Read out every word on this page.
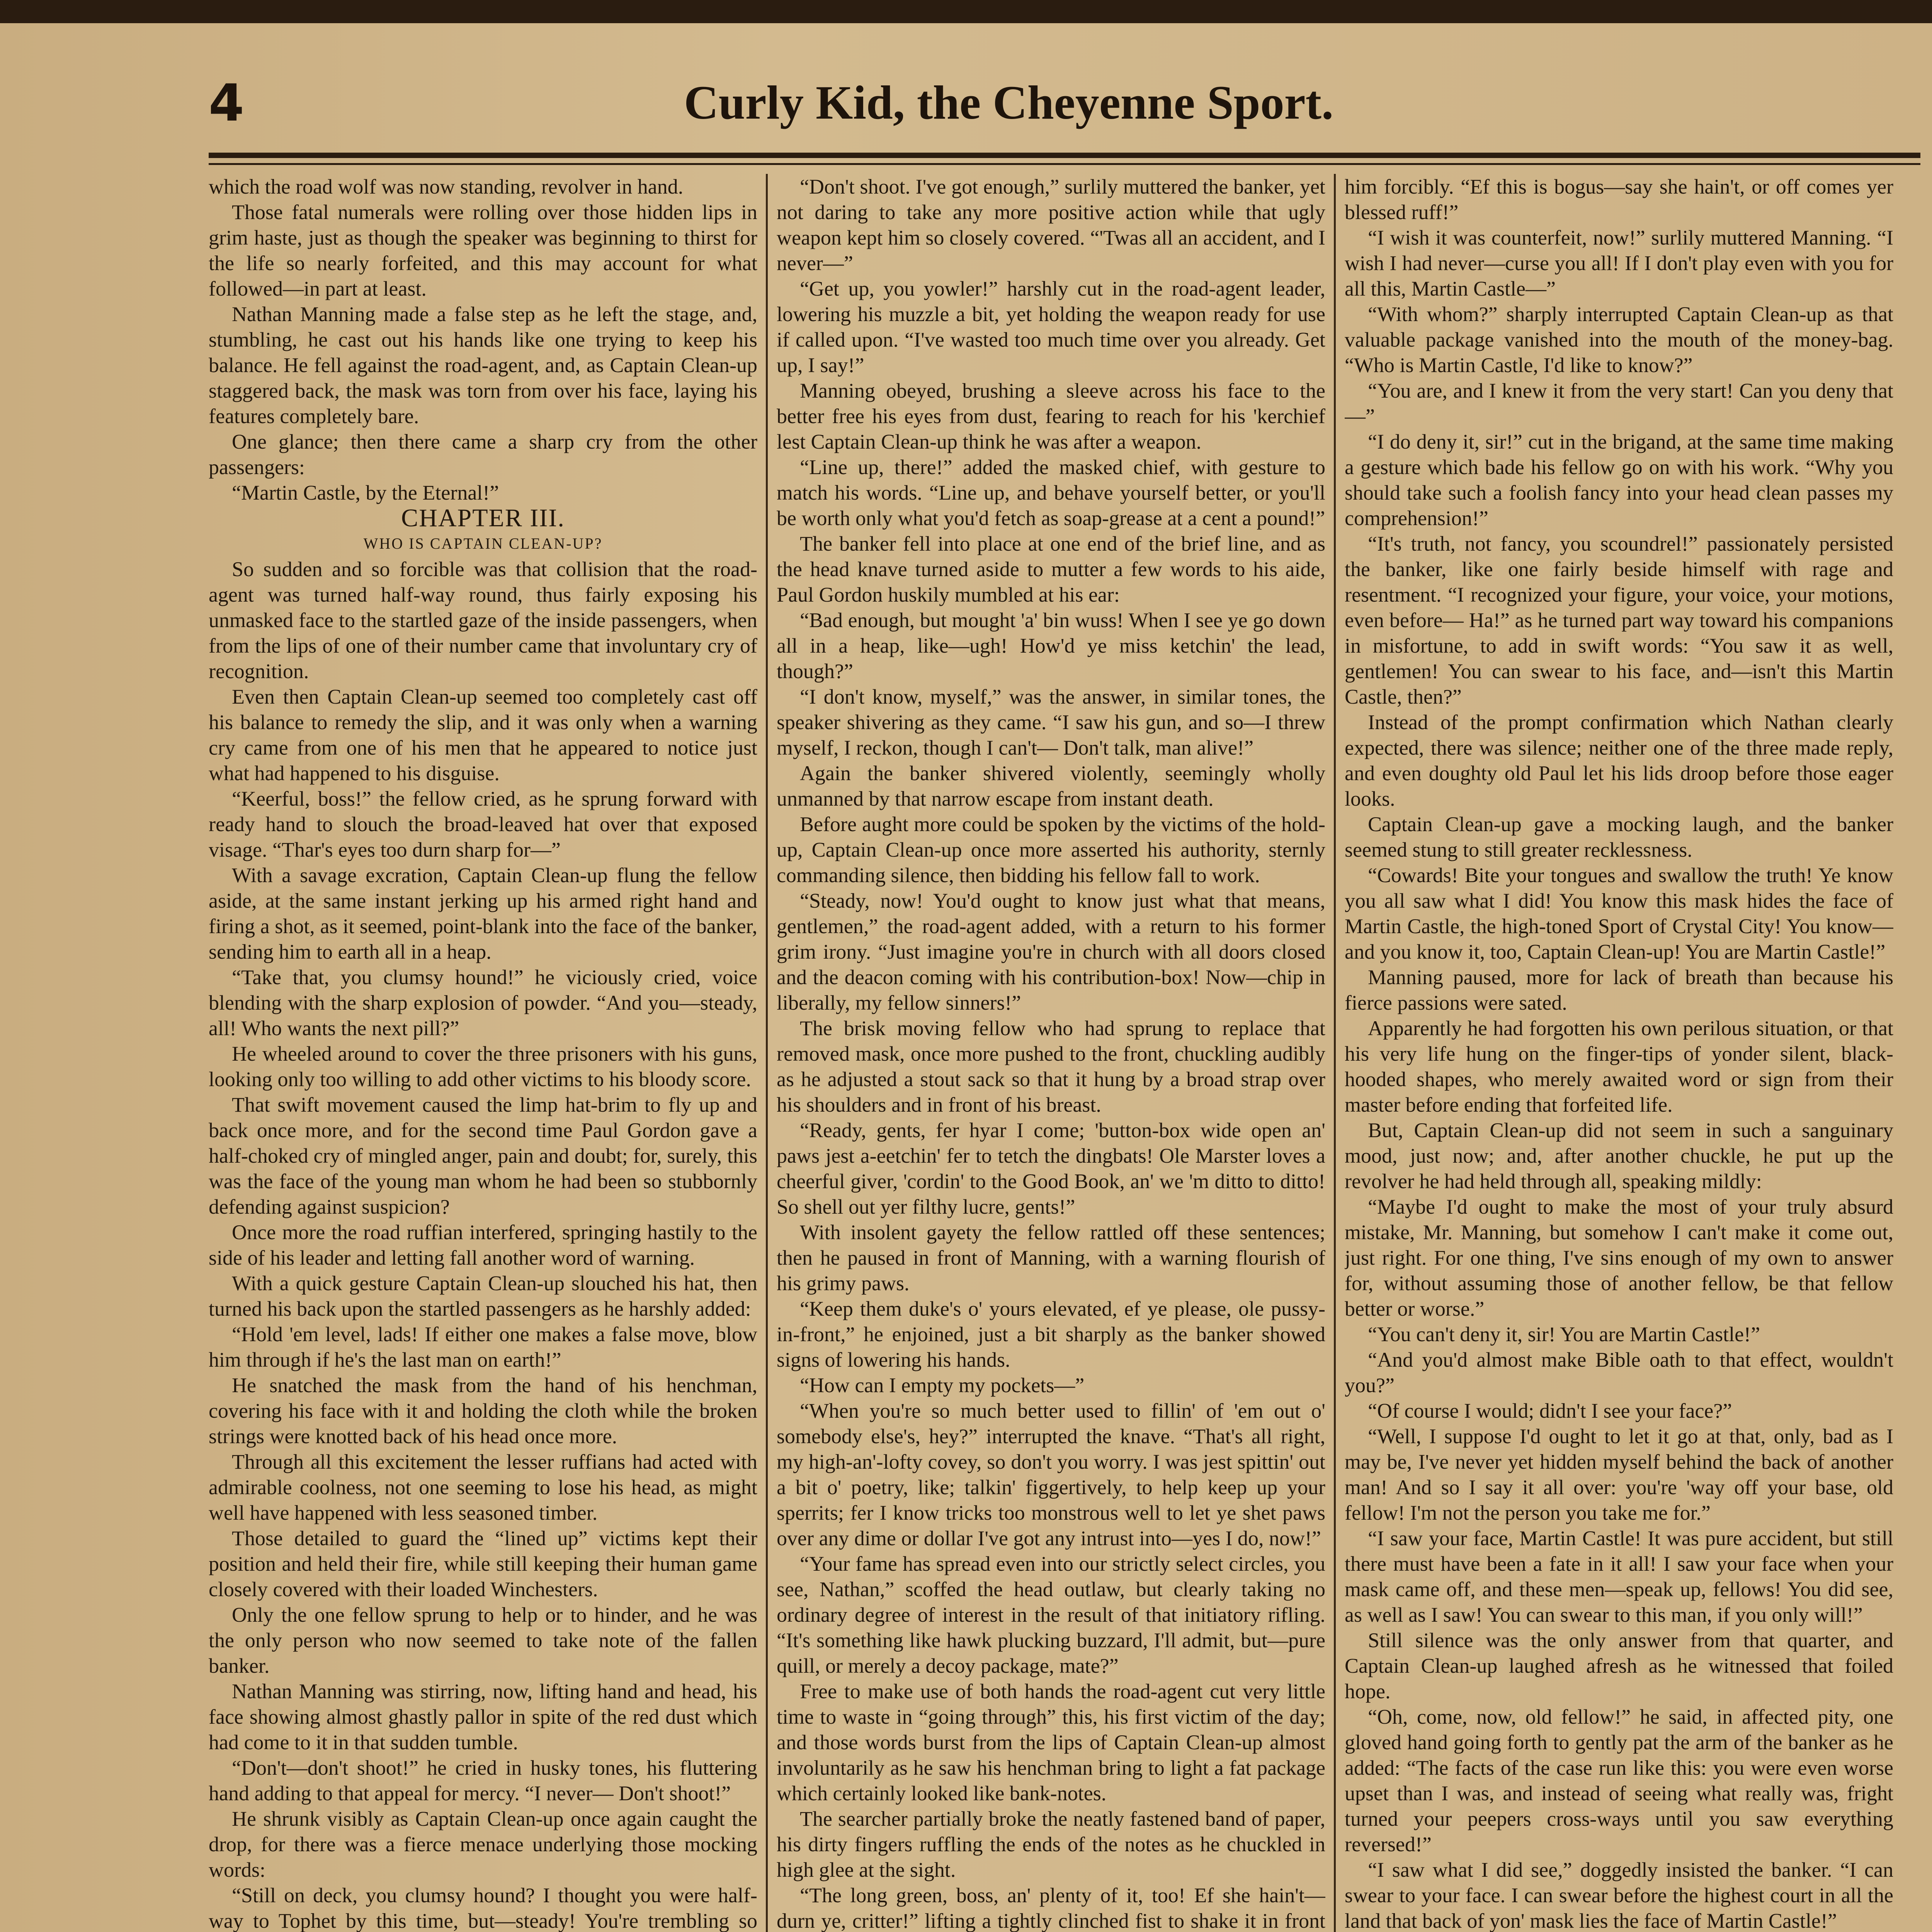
4	Curly Kid, the Cheyenne Sport.

which the road wolf was now standing, revolver in hand.

Those fatal numerals were rolling over those hidden lips in grim haste, just as though the speaker was beginning to thirst for the life so nearly forfeited, and this may account for what followed—in part at least.

Nathan Manning made a false step as he left the stage, and, stumbling, he cast out his hands like one trying to keep his balance. He fell against the road-agent, and, as Captain Clean-up staggered back, the mask was torn from over his face, laying his features completely bare.

One glance; then there came a sharp cry from the other passengers:

“Martin Castle, by the Eternal!”

CHAPTER III.

WHO IS CAPTAIN CLEAN-UP?

So sudden and so forcible was that collision that the road-agent was turned half-way round, thus fairly exposing his unmasked face to the startled gaze of the inside passengers, when from the lips of one of their number came that involuntary cry of recognition.

Even then Captain Clean-up seemed too completely cast off his balance to remedy the slip, and it was only when a warning cry came from one of his men that he appeared to notice just what had happened to his disguise.

“Keerful, boss!” the fellow cried, as he sprung forward with ready hand to slouch the broad-leaved hat over that exposed visage. “Thar's eyes too durn sharp for—”

With a savage excration, Captain Clean-up flung the fellow aside, at the same instant jerking up his armed right hand and firing a shot, as it seemed, point-blank into the face of the banker, sending him to earth all in a heap.

“Take that, you clumsy hound!” he viciously cried, voice blending with the sharp explosion of powder. “And you—steady, all! Who wants the next pill?”

He wheeled around to cover the three prisoners with his guns, looking only too willing to add other victims to his bloody score.

That swift movement caused the limp hat-brim to fly up and back once more, and for the second time Paul Gordon gave a half-choked cry of mingled anger, pain and doubt; for, surely, this was the face of the young man whom he had been so stubbornly defending against suspicion?

Once more the road ruffian interfered, springing hastily to the side of his leader and letting fall another word of warning.

With a quick gesture Captain Clean-up slouched his hat, then turned his back upon the startled passengers as he harshly added:

“Hold 'em level, lads! If either one makes a false move, blow him through if he's the last man on earth!”

He snatched the mask from the hand of his henchman, covering his face with it and holding the cloth while the broken strings were knotted back of his head once more.

Through all this excitement the lesser ruffians had acted with admirable coolness, not one seeming to lose his head, as might well have happened with less seasoned timber.

Those detailed to guard the “lined up” victims kept their position and held their fire, while still keeping their human game closely covered with their loaded Winchesters.

Only the one fellow sprung to help or to hinder, and he was the only person who now seemed to take note of the fallen banker.

Nathan Manning was stirring, now, lifting hand and head, his face showing almost ghastly pallor in spite of the red dust which had come to it in that sudden tumble.

“Don't—don't shoot!” he cried in husky tones, his fluttering hand adding to that appeal for mercy. “I never— Don't shoot!”

He shrunk visibly as Captain Clean-up once again caught the drop, for there was a fierce menace underlying those mocking words:

“Still on deck, you clumsy hound? I thought you were half-way to Tophet by this time, but—steady! You're trembling so

“Don't shoot. I've got enough,” surlily muttered the banker, yet not daring to take any more positive action while that ugly weapon kept him so closely covered. “'Twas all an accident, and I never—”

“Get up, you yowler!” harshly cut in the road-agent leader, lowering his muzzle a bit, yet holding the weapon ready for use if called upon. “I've wasted too much time over you already. Get up, I say!”

Manning obeyed, brushing a sleeve across his face to the better free his eyes from dust, fearing to reach for his 'kerchief lest Captain Clean-up think he was after a weapon.

“Line up, there!” added the masked chief, with gesture to match his words. “Line up, and behave yourself better, or you'll be worth only what you'd fetch as soap-grease at a cent a pound!”

The banker fell into place at one end of the brief line, and as the head knave turned aside to mutter a few words to his aide, Paul Gordon huskily mumbled at his ear:

“Bad enough, but mought 'a' bin wuss! When I see ye go down all in a heap, like—ugh! How'd ye miss ketchin' the lead, though?”

“I don't know, myself,” was the answer, in similar tones, the speaker shivering as they came. “I saw his gun, and so—I threw myself, I reckon, though I can't— Don't talk, man alive!”

Again the banker shivered violently, seemingly wholly unmanned by that narrow escape from instant death.

Before aught more could be spoken by the victims of the hold-up, Captain Clean-up once more asserted his authority, sternly commanding silence, then bidding his fellow fall to work.

“Steady, now! You'd ought to know just what that means, gentlemen,” the road-agent added, with a return to his former grim irony. “Just imagine you're in church with all doors closed and the deacon coming with his contribution-box! Now—chip in liberally, my fellow sinners!”

The brisk moving fellow who had sprung to replace that removed mask, once more pushed to the front, chuckling audibly as he adjusted a stout sack so that it hung by a broad strap over his shoulders and in front of his breast.

“Ready, gents, fer hyar I come; 'button-box wide open an' paws jest a-eetchin' fer to tetch the dingbats! Ole Marster loves a cheerful giver, 'cordin' to the Good Book, an' we 'm ditto to ditto! So shell out yer filthy lucre, gents!”

With insolent gayety the fellow rattled off these sentences; then he paused in front of Manning, with a warning flourish of his grimy paws.

“Keep them duke's o' yours elevated, ef ye please, ole pussy-in-front,” he enjoined, just a bit sharply as the banker showed signs of lowering his hands.

“How can I empty my pockets—”

“When you're so much better used to fillin' of 'em out o' somebody else's, hey?” interrupted the knave. “That's all right, my high-an'-lofty covey, so don't you worry. I was jest spittin' out a bit o' poetry, like; talkin' figgertively, to help keep up your sperrits; fer I know tricks too monstrous well to let ye shet paws over any dime or dollar I've got any intrust into—yes I do, now!”

“Your fame has spread even into our strictly select circles, you see, Nathan,” scoffed the head outlaw, but clearly taking no ordinary degree of interest in the result of that initiatory rifling. “It's something like hawk plucking buzzard, I'll admit, but—pure quill, or merely a decoy package, mate?”

Free to make use of both hands the road-agent cut very little time to waste in “going through” this, his first victim of the day; and those words burst from the lips of Captain Clean-up almost involuntarily as he saw his henchman bring to light a fat package which certainly looked like bank-notes.

The searcher partially broke the neatly fastened band of paper, his dirty fingers ruffling the ends of the notes as he chuckled in high glee at the sight.

“The long green, boss, an' plenty of it, too! Ef she hain't—durn ye, critter!” lifting a tightly clinched fist to shake it in front

him forcibly. “Ef this is bogus—say she hain't, or off comes yer blessed ruff!”

“I wish it was counterfeit, now!” surlily muttered Manning. “I wish I had never—curse you all! If I don't play even with you for all this, Martin Castle—”

“With whom?” sharply interrupted Captain Clean-up as that valuable package vanished into the mouth of the money-bag. “Who is Martin Castle, I'd like to know?”

“You are, and I knew it from the very start! Can you deny that—”

“I do deny it, sir!” cut in the brigand, at the same time making a gesture which bade his fellow go on with his work. “Why you should take such a foolish fancy into your head clean passes my comprehension!”

“It's truth, not fancy, you scoundrel!” passionately persisted the banker, like one fairly beside himself with rage and resentment. “I recognized your figure, your voice, your motions, even before— Ha!” as he turned part way toward his companions in misfortune, to add in swift words: “You saw it as well, gentlemen! You can swear to his face, and—isn't this Martin Castle, then?”

Instead of the prompt confirmation which Nathan clearly expected, there was silence; neither one of the three made reply, and even doughty old Paul let his lids droop before those eager looks.

Captain Clean-up gave a mocking laugh, and the banker seemed stung to still greater recklessness.

“Cowards! Bite your tongues and swallow the truth! Ye know you all saw what I did! You know this mask hides the face of Martin Castle, the high-toned Sport of Crystal City! You know—and you know it, too, Captain Clean-up! You are Martin Castle!”

Manning paused, more for lack of breath than because his fierce passions were sated.

Apparently he had forgotten his own perilous situation, or that his very life hung on the finger-tips of yonder silent, black-hooded shapes, who merely awaited word or sign from their master before ending that forfeited life.

But, Captain Clean-up did not seem in such a sanguinary mood, just now; and, after another chuckle, he put up the revolver he had held through all, speaking mildly:

“Maybe I'd ought to make the most of your truly absurd mistake, Mr. Manning, but somehow I can't make it come out, just right. For one thing, I've sins enough of my own to answer for, without assuming those of another fellow, be that fellow better or worse.”

“You can't deny it, sir! You are Martin Castle!”

“And you'd almost make Bible oath to that effect, wouldn't you?”

“Of course I would; didn't I see your face?”

“Well, I suppose I'd ought to let it go at that, only, bad as I may be, I've never yet hidden myself behind the back of another man! And so I say it all over: you're 'way off your base, old fellow! I'm not the person you take me for.”

“I saw your face, Martin Castle! It was pure accident, but still there must have been a fate in it all! I saw your face when your mask came off, and these men—speak up, fellows! You did see, as well as I saw! You can swear to this man, if you only will!”

Still silence was the only answer from that quarter, and Captain Clean-up laughed afresh as he witnessed that foiled hope.

“Oh, come, now, old fellow!” he said, in affected pity, one gloved hand going forth to gently pat the arm of the banker as he added: “The facts of the case run like this: you were even worse upset than I was, and instead of seeing what really was, fright turned your peepers cross-ways until you saw everything reversed!”

“I saw what I did see,” doggedly insisted the banker. “I can swear to your face. I can swear before the highest court in all the land that back of yon' mask lies the face of Martin Castle!”
